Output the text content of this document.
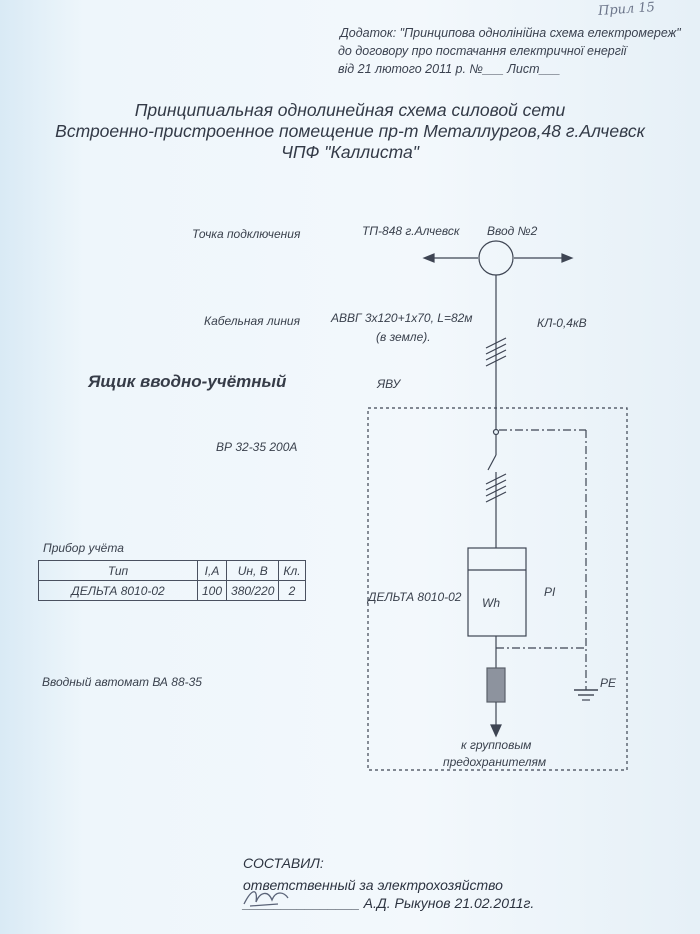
Прил 15
Додаток: "Принципова однолінійна схема електромереж"
до договору про постачання електричної енергії
від 21 лютого 2011 р. №___ Лист___
Принципиальная однолинейная схема силовой сети
Встроенно-пристроенное помещение пр-т Металлургов,48 г.Алчевск
ЧПФ "Каллиста"
Точка подключения	ТП-848 г.Алчевск Ввод №2
Кабельная линия	АВВГ 3х120+1х70, L=82м
(в земле).
КЛ-0,4кВ
Ящик вводно-учётный	ЯВУ
ВР 32-35 200А
Прибор учёта
Тип	I,A	Uн, В	Кл.
ДЕЛЬТА 8010-02	100	380/220	2
Вводный автомат ВА 88-35
ДЕЛЬТА 8010-02 Wh
PI
PE
к групповым
предохранителям
СОСТАВИЛ:
ответственный за электрохозяйство
_______________ А.Д. Рыкунов 21.02.2011г.
